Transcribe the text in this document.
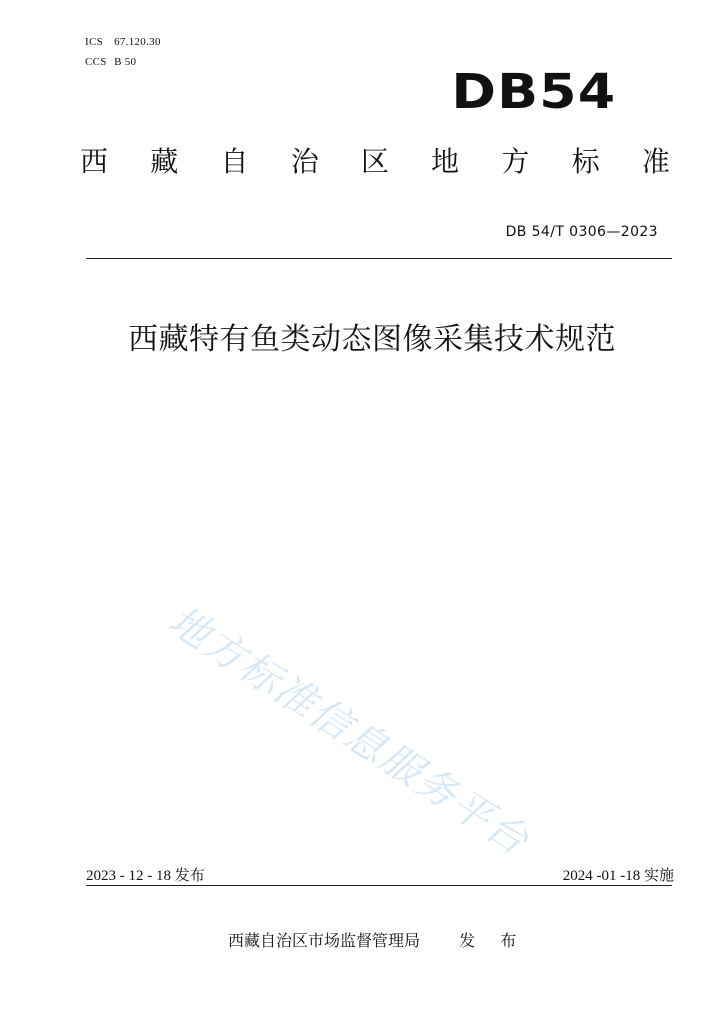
ICS 67.120.30
CCS B 50
DB54
西 藏 自 治 区 地 方 标 准
DB 54/T 0306—2023
西藏特有鱼类动态图像采集技术规范
地方标准信息服务平台
2023 - 12 - 18 发布	2024 -01 -18 实施
西藏自治区市场监督管理局 发 布
